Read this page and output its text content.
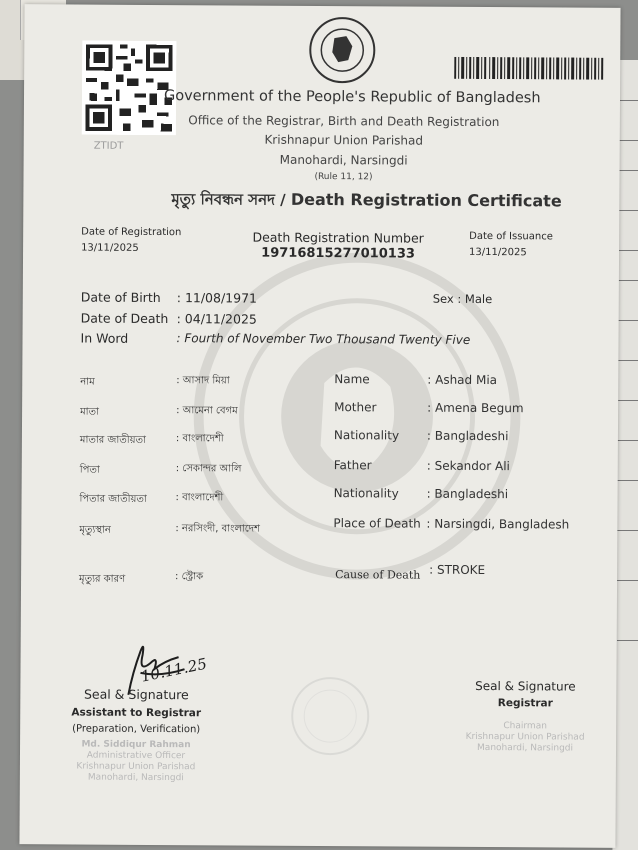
ZTIDT
Government of the People's Republic of Bangladesh
Office of the Registrar, Birth and Death Registration
Krishnapur Union Parishad
Manohardi, Narsingdi
(Rule 11, 12)
মৃত্যু নিবন্ধন সনদ / Death Registration Certificate
Date of Registration
13/11/2025
Death Registration Number
19716815277010133
Date of Issuance
13/11/2025
Date of Birth : 11/08/1971	Sex : Male
Date of Death : 04/11/2025
In Word	: Fourth of November Two Thousand Twenty Five
নাম	: আসাদ মিয়া	Name	: Ashad Mia
মাতা	: আমেনা বেগম	Mother	: Amena Begum
মাতার জাতীয়তা	: বাংলাদেশী	Nationality : Bangladeshi
পিতা	: সেকান্দর আলি	Father	: Sekandor Ali
পিতার জাতীয়তা	: বাংলাদেশী	Nationality : Bangladeshi
মৃত্যুস্থান	: নরসিংদী, বাংলাদেশ	Place of Death : Narsingdi, Bangladesh
মৃত্যুর কারণ	: স্ট্রোক	Cause of Death : STROKE
10.11.25
Seal & Signature
Assistant to Registrar
(Preparation, Verification)
Md. Siddiqur Rahman
Administrative Officer
Krishnapur Union Parishad
Manohardi, Narsingdi
Seal & Signature
Registrar
Chairman
Krishnapur Union Parishad
Manohardi, Narsingdi
